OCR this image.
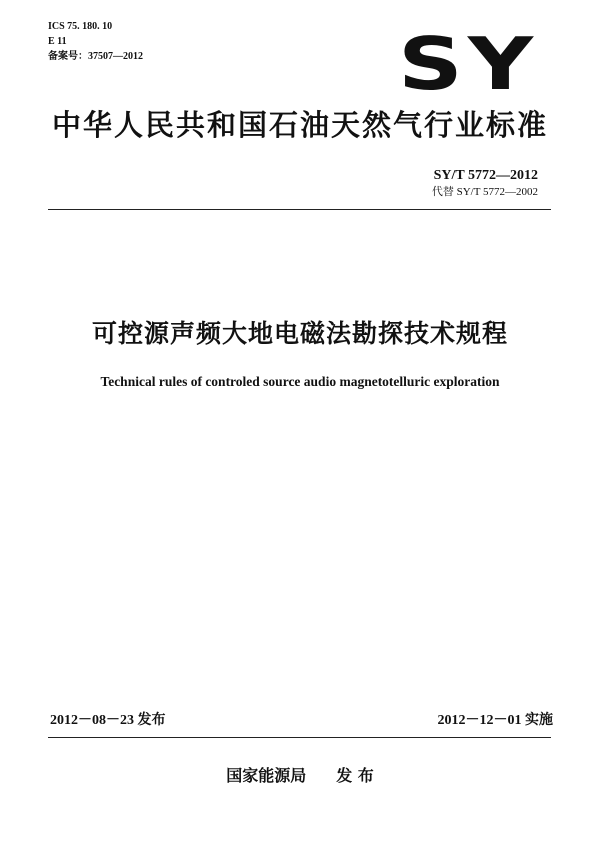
ICS 75. 180. 10
E 11
备案号：37507—2012	SY
中华人民共和国石油天然气行业标准
SY/T 5772—2012
代替 SY/T 5772—2002
可控源声频大地电磁法勘探技术规程
Technical rules of controled source audio magnetotelluric exploration
2012－08－23 发布	2012－12－01 实施
国家能源局 发 布
